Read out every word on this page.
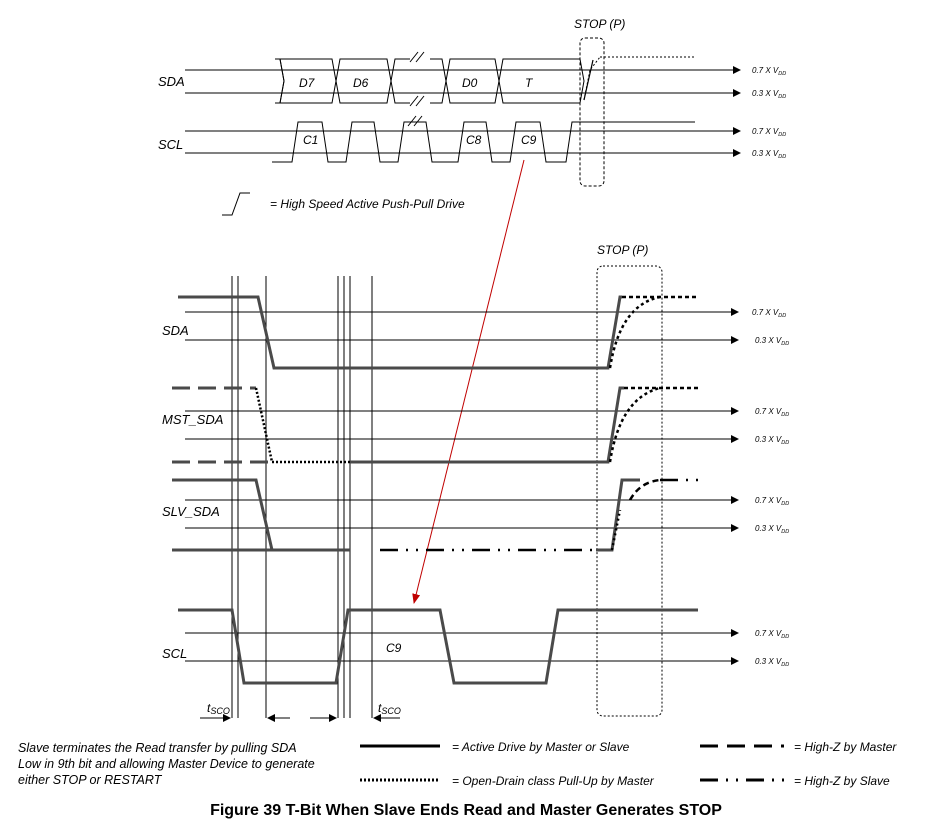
SDA
SCL
D7	D6	D0	T
C1	C8	C9
STOP (P)
0.7 X $V_{DD}$
0.3 X $V_{DD}$
0.7 X $V_{DD}$
0.3 X $V_{DD}$
= High Speed Active Push-Pull Drive
0.7 X $V_{DD}$
0.3 X $V_{DD}$
0.7 X $V_{DD}$
0.3 X $V_{DD}$
0.7 X $V_{DD}$
0.3 X $V_{DD}$
0.7 X $V_{DD}$
0.3 X $V_{DD}$
SDA
MST_SDA
SLV_SDA
SCL
STOP (P)
C9
tSCO	tSCO
= Active Drive by Master or Slave
= Open-Drain class Pull-Up by Master
= High-Z by Master
= High-Z by Slave
Slave terminates the Read transfer by pulling SDA Low in 9th bit and allowing Master Device to generate either STOP or RESTART
Figure 39 T-Bit When Slave Ends Read and Master Generates STOP
